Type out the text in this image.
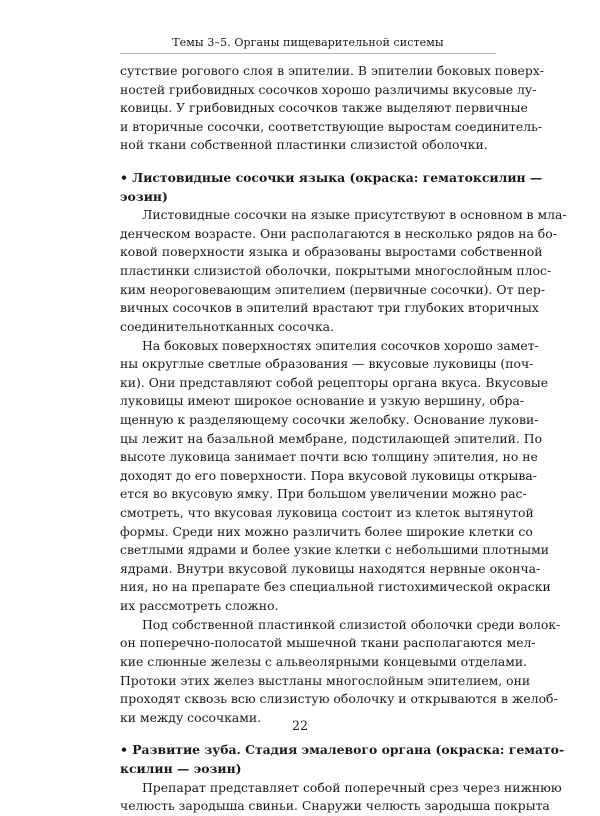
Темы 3–5. Органы пищеварительной системы
сутствие рогового слоя в эпителии. В эпителии боковых поверх-
ностей грибовидных сосочков хорошо различимы вкусовые лу-
ковицы. У грибовидных сосочков также выделяют первичные
и вторичные сосочки, соответствующие выростам соединитель-
ной ткани собственной пластинки слизистой оболочки.
• Листовидные сосочки языка (окраска: гематоксилин —
эозин)
Листовидные сосочки на языке присутствуют в основном в мла-
денческом возрасте. Они располагаются в несколько рядов на бо-
ковой поверхности языка и образованы выростами собственной
пластинки слизистой оболочки, покрытыми многослойным плос-
ким неороговевающим эпителием (первичные сосочки). От пер-
вичных сосочков в эпителий врастают три глубоких вторичных
соединительнотканных сосочка.
На боковых поверхностях эпителия сосочков хорошо замет-
ны округлые светлые образования — вкусовые луковицы (поч-
ки). Они представляют собой рецепторы органа вкуса. Вкусовые
луковицы имеют широкое основание и узкую вершину, обра-
щенную к разделяющему сосочки желобку. Основание лукови-
цы лежит на базальной мембране, подстилающей эпителий. По
высоте луковица занимает почти всю толщину эпителия, но не
доходят до его поверхности. Пора вкусовой луковицы открыва-
ется во вкусовую ямку. При большом увеличении можно рас-
смотреть, что вкусовая луковица состоит из клеток вытянутой
формы. Среди них можно различить более широкие клетки со
светлыми ядрами и более узкие клетки с небольшими плотными
ядрами. Внутри вкусовой луковицы находятся нервные оконча-
ния, но на препарате без специальной гистохимической окраски
их рассмотреть сложно.
Под собственной пластинкой слизистой оболочки среди волок-
он поперечно-полосатой мышечной ткани располагаются мел-
кие слюнные железы с альвеолярными концевыми отделами.
Протоки этих желез выстланы многослойным эпителием, они
проходят сквозь всю слизистую оболочку и открываются в желоб-
ки между сосочками.
• Развитие зуба. Стадия эмалевого органа (окраска: гемато-
ксилин — эозин)
Препарат представляет собой поперечный срез через нижнюю
челюсть зародыша свиньи. Снаружи челюсть зародыша покрыта
22
